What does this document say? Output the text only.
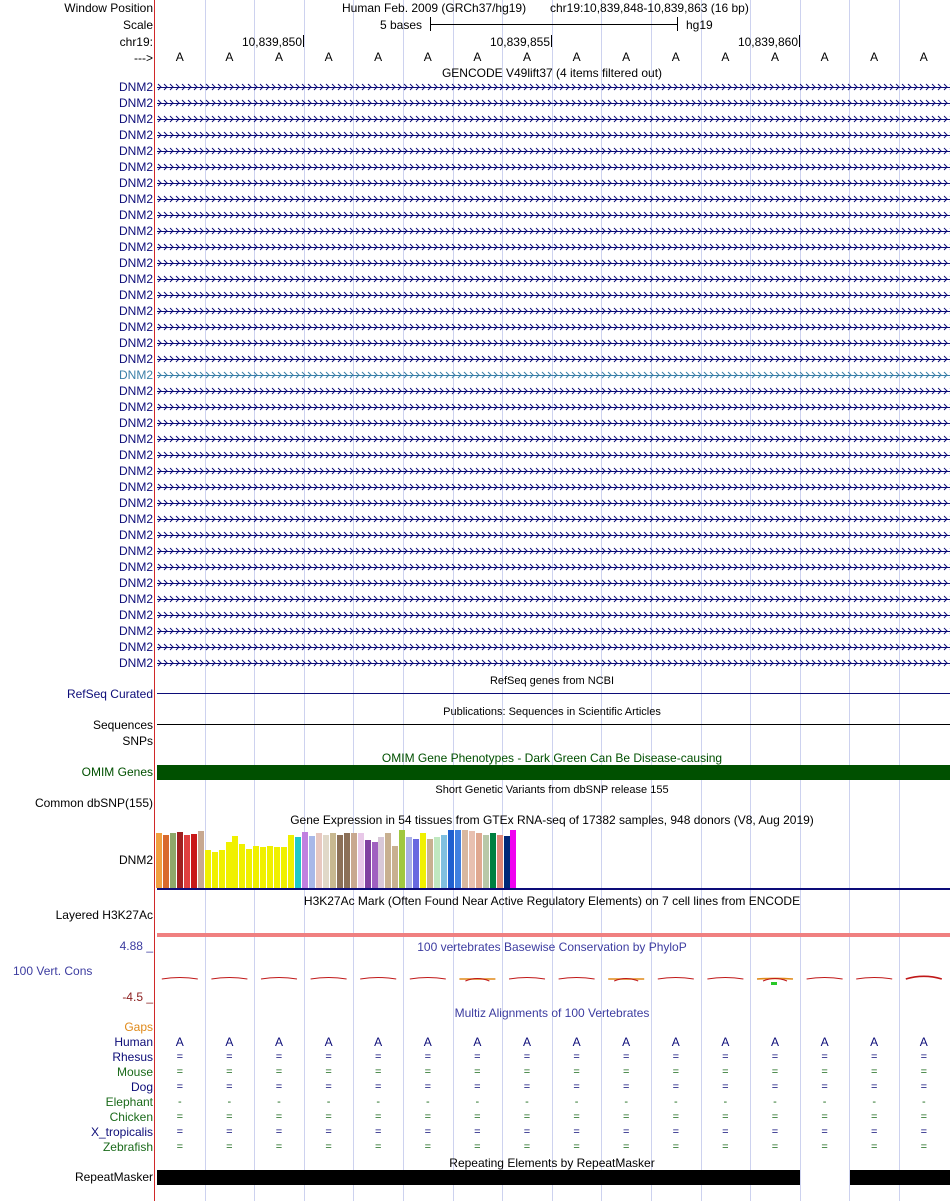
Window Position	Human Feb. 2009 (GRCh37/hg19) chr19:10,839,848-10,839,863 (16 bp)
Scale	5 bases	hg19
chr19:	10,839,850	10,839,855	10,839,860
---> A	A	A	A	A	A	A	A	A	A	A	A	A	A	A	A
GENCODE V49lift37 (4 items filtered out)
DNM2
DNM2
DNM2
DNM2
DNM2
DNM2
DNM2
DNM2
DNM2
DNM2
DNM2
DNM2
DNM2
DNM2
DNM2
DNM2
DNM2
DNM2
DNM2
DNM2
DNM2
DNM2
DNM2
DNM2
DNM2
DNM2
DNM2
DNM2
DNM2
DNM2
DNM2
DNM2
DNM2
DNM2
DNM2
DNM2
DNM2
RefSeq genes from NCBI
RefSeq Curated
Publications: Sequences in Scientific Articles
Sequences
SNPs
OMIM Gene Phenotypes - Dark Green Can Be Disease-causing
OMIM Genes
Short Genetic Variants from dbSNP release 155
Common dbSNP(155)
Gene Expression in 54 tissues from GTEx RNA-seq of 17382 samples, 948 donors (V8, Aug 2019)
DNM2
H3K27Ac Mark (Often Found Near Active Regulatory Elements) on 7 cell lines from ENCODE
Layered H3K27Ac
100 vertebrates Basewise Conservation by PhyloP
4.88 _
100 Vert. Cons
-4.5 _
Multiz Alignments of 100 Vertebrates
Gaps
Human A	A	A	A	A	A	A	A	A	A	A	A	A	A	A	A
Rhesus	=	=	=	=	=	=	=	=	=	=	=	=	=	=	=	=
Mouse	=	=	=	=	=	=	=	=	=	=	=	=	=	=	=	=
Dog	=	=	=	=	=	=	=	=	=	=	=	=	=	=	=	=
Elephant	-	-	-	-	-	-	-	-	-	-	-	-	-	-	-	-
Chicken	=	=	=	=	=	=	=	=	=	=	=	=	=	=	=	=
X_tropicalis	=	=	=	=	=	=	=	=	=	=	=	=	=	=	=	=
Zebrafish	=	=	=	=	=	=	=	=	=	=	=	=	=	=	=	=
Repeating Elements by RepeatMasker
RepeatMasker
